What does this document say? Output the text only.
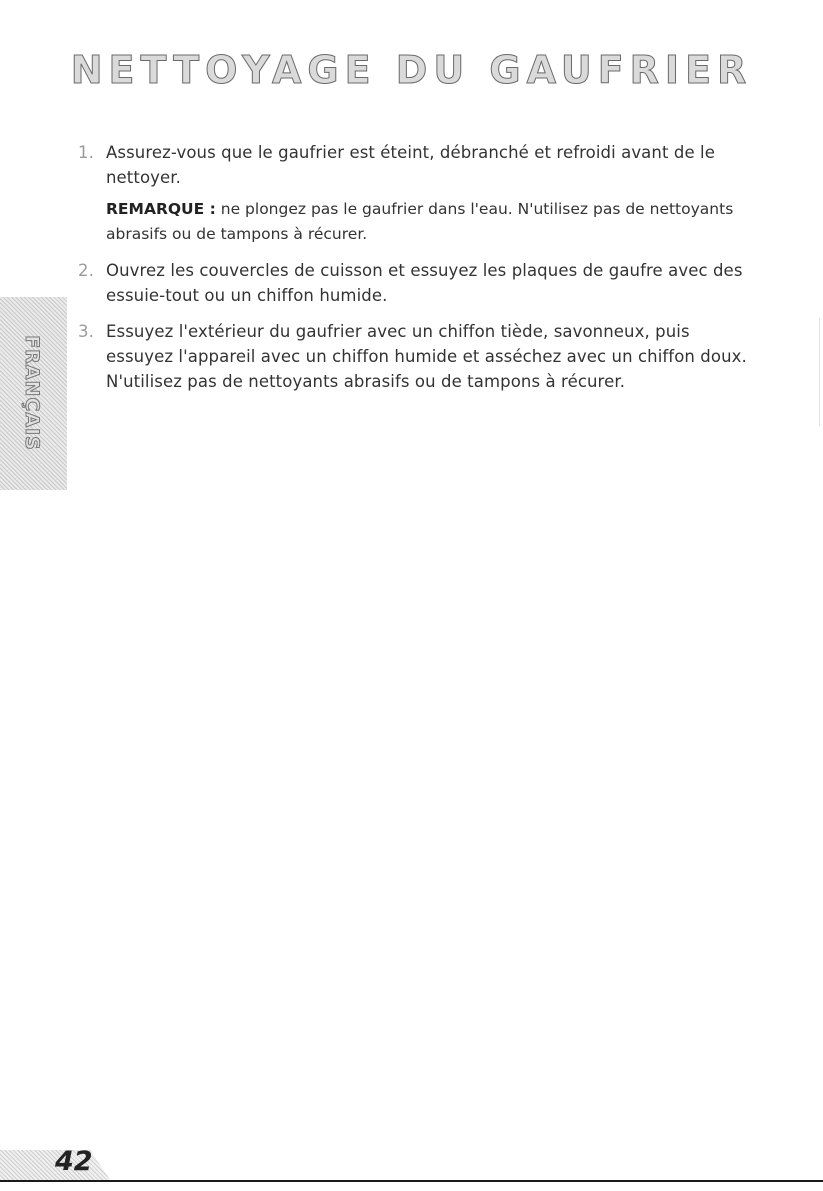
NETTOYAGE DU GAUFRIER
FRANÇAIS
1. Assurez-vous que le gaufrier est éteint, débranché et refroidi avant de le nettoyer.
REMARQUE : ne plongez pas le gaufrier dans l'eau. N'utilisez pas de nettoyants abrasifs ou de tampons à récurer.
2. Ouvrez les couvercles de cuisson et essuyez les plaques de gaufre avec des essuie-tout ou un chiffon humide.
3. Essuyez l'extérieur du gaufrier avec un chiffon tiède, savonneux, puis essuyez l'appareil avec un chiffon humide et asséchez avec un chiffon doux. N'utilisez pas de nettoyants abrasifs ou de tampons à récurer.
42
